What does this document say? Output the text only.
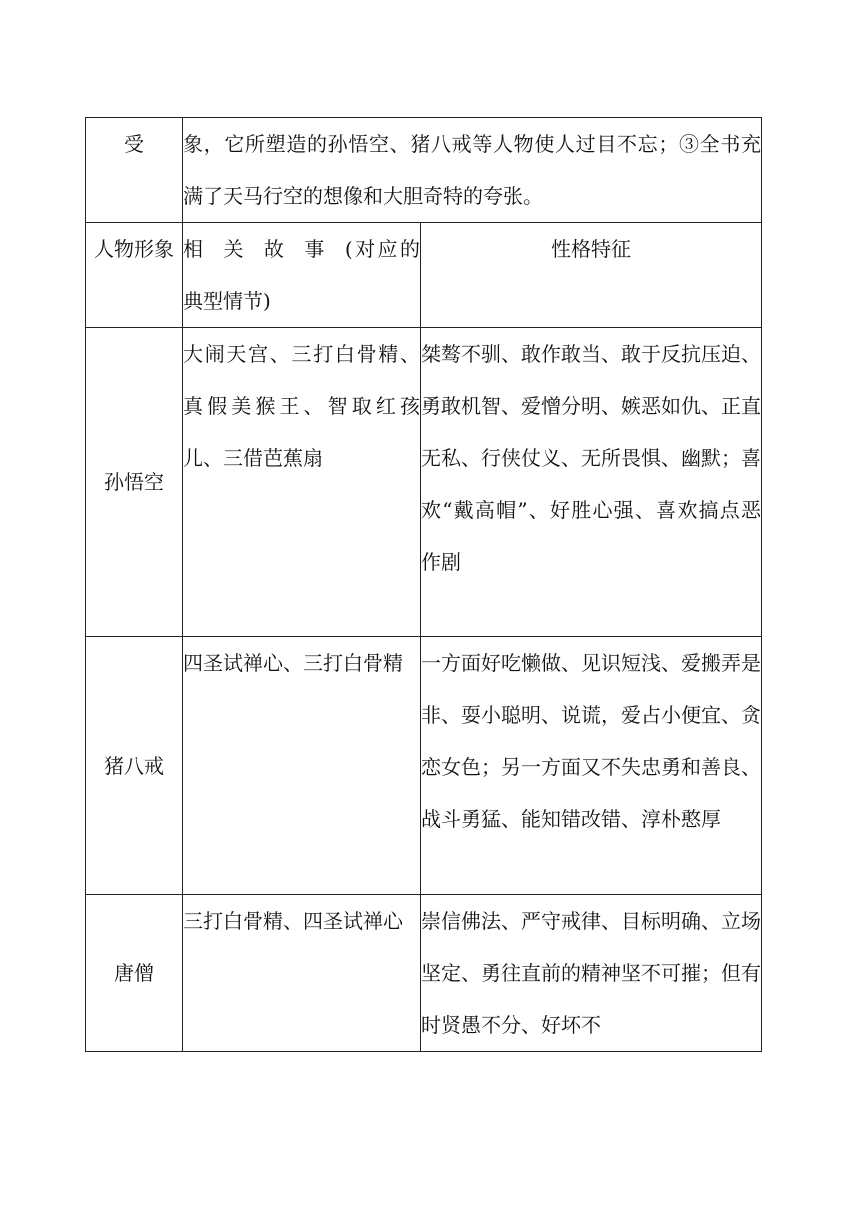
受	象，它所塑造的孙悟空、猪八戒等人物使人过目不忘；③全书充满了天马行空的想像和大胆奇特的夸张。	
人物形象	相关故事(对应的典型情节)	性格特征
孙悟空	大闹天宫、三打白骨精、真假美猴王、智取红孩儿、三借芭蕉扇	桀骜不驯、敢作敢当、敢于反抗压迫、勇敢机智、爱憎分明、嫉恶如仇、正直无私、行侠仗义、无所畏惧、幽默；喜欢“戴高帽”、好胜心强、喜欢搞点恶作剧
猪八戒	四圣试禅心、三打白骨精	一方面好吃懒做、见识短浅、爱搬弄是非、耍小聪明、说谎，爱占小便宜、贪恋女色；另一方面又不失忠勇和善良、战斗勇猛、能知错改错、淳朴憨厚
唐僧	三打白骨精、四圣试禅心	崇信佛法、严守戒律、目标明确、立场坚定、勇往直前的精神坚不可摧；但有时贤愚不分、好坏不
